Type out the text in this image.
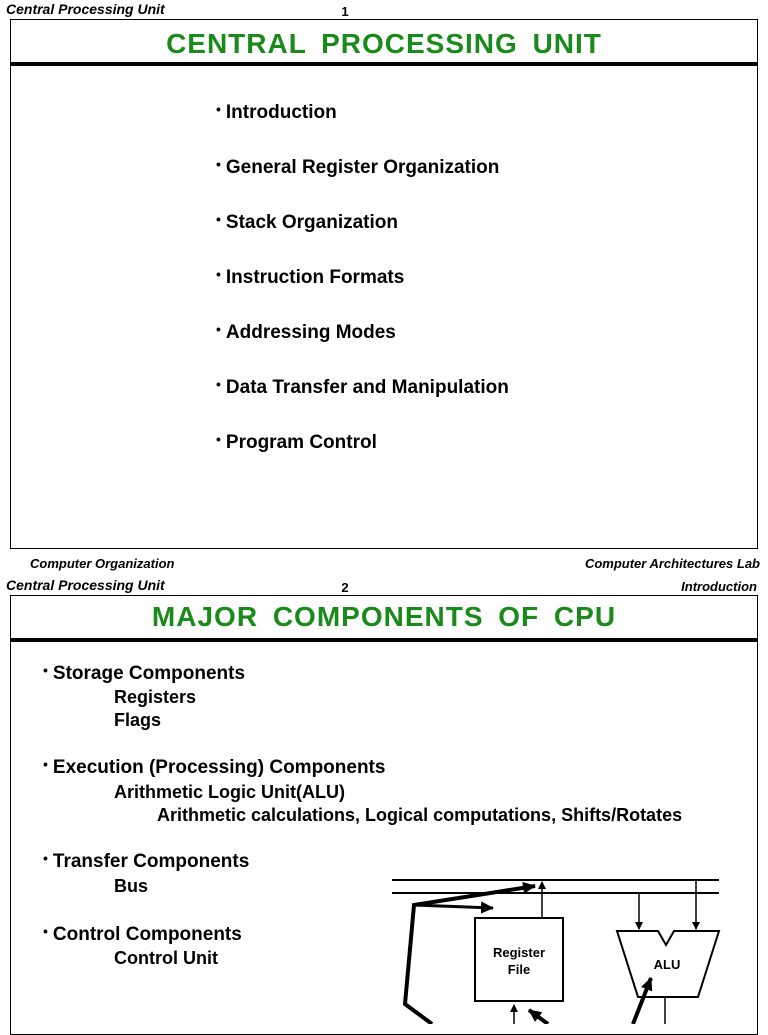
Central Processing Unit	1
CENTRAL PROCESSING UNIT
• Introduction
• General Register Organization
• Stack Organization
• Instruction Formats
• Addressing Modes
• Data Transfer and Manipulation
• Program Control
Computer Organization	Computer Architectures Lab
Central Processing Unit	2	Introduction
MAJOR COMPONENTS OF CPU
• Storage Components
Registers
Flags
• Execution (Processing) Components
Arithmetic Logic Unit(ALU)
Arithmetic calculations, Logical computations, Shifts/Rotates
• Transfer Components
Bus
• Control Components
Control Unit	Register
File	ALU
